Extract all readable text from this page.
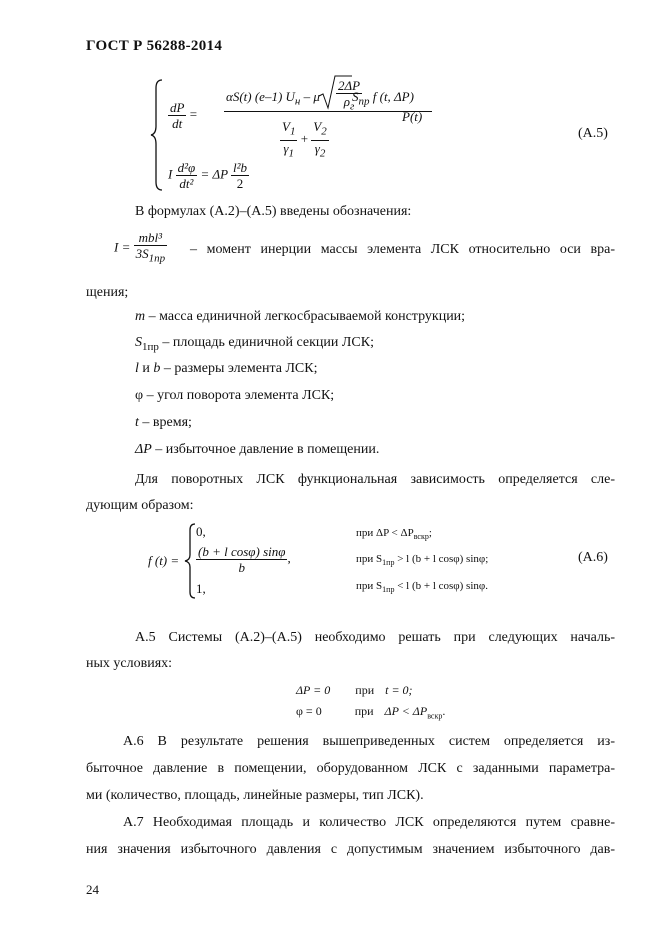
ГОСТ Р 56288-2014
$\frac{dP}{dt}$ =
αS(t) (e–1) $U_н$ – μ $\frac{2\Delta P}{\rho_г}$
$S_{пр}$ f (t, ΔP)
$\frac{V_1}{\gamma_1} + \frac{V_2}{\gamma_2}$
P(t)
I $\frac{\text{d²φ}}{\text{dt²}} = \Delta P \frac{\text{l²b}}{2}$
(А.5)
В формулах (А.2)–(А.5) введены обозначения:
$I = \frac{\text{mbl³}}{3S_{1пр}}$ – момент инерции массы элемента ЛСК относительно оси вра-
щения;
m – масса единичной легкосбрасываемой конструкции;
$S_{1пр}$ – площадь единичной секции ЛСК;
l и b – размеры элемента ЛСК;
φ – угол поворота элемента ЛСК;
t – время;
ΔP – избыточное давление в помещении.
Для поворотных ЛСК функциональная зависимость определяется сле-
дующим образом:
f (t) =
0,
$\frac{\text{(b + l cosφ) sinφ}}{b}$ ,
1,
при $\Delta P < \Delta P_{вскр}$;
при $S_{1пр} > l$ (b + l cosφ) sinφ;
при $S_{1пр} < l$ (b + l cosφ) sinφ.
(А.6)
А.5 Системы (А.2)–(А.5) необходимо решать при следующих началь-
ных условиях:
ΔP = 0 при t = 0;
φ = 0	при $\Delta P < \Delta P_{вскр}$.
А.6 В результате решения вышеприведенных систем определяется из-
быточное давление в помещении, оборудованном ЛСК с заданными параметра-
ми (количество, площадь, линейные размеры, тип ЛСК).
А.7 Необходимая площадь и количество ЛСК определяются путем сравне-
ния значения избыточного давления с допустимым значением избыточного дав-
24
